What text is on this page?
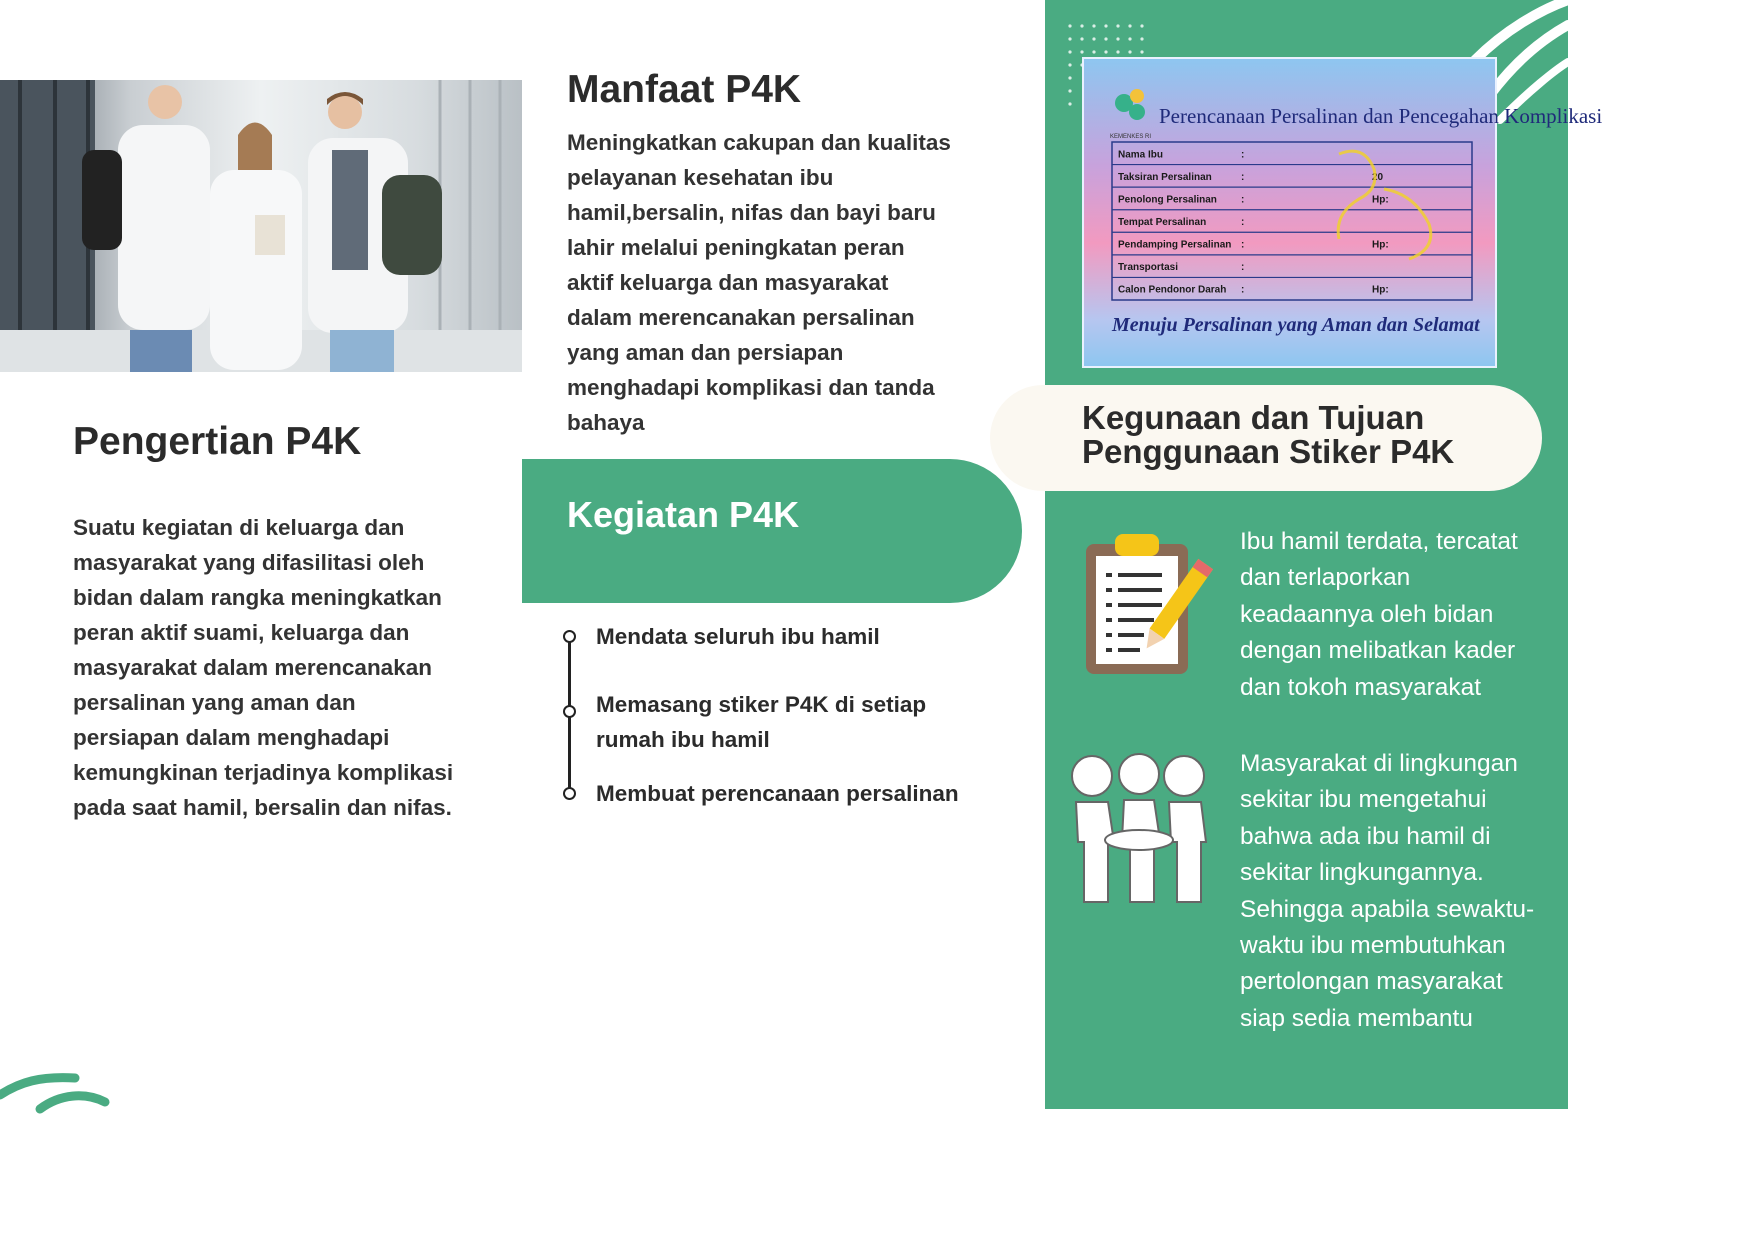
Pengertian P4K

Suatu kegiatan di keluarga dan masyarakat yang difasilitasi oleh bidan dalam rangka meningkatkan peran aktif suami, keluarga dan masyarakat dalam merencanakan persalinan yang aman dan persiapan dalam menghadapi kemungkinan terjadinya komplikasi pada saat hamil, bersalin dan nifas.

Manfaat P4K

Meningkatkan cakupan dan kualitas pelayanan kesehatan ibu hamil,bersalin, nifas dan bayi baru lahir melalui peningkatan peran aktif keluarga dan masyarakat dalam merencanakan persalinan yang aman dan persiapan menghadapi komplikasi dan tanda bahaya

Kegiatan P4K

Mendata seluruh ibu hamil

Memasang stiker P4K di setiap rumah ibu hamil

Membuat perencanaan persalinan

Perencanaan Persalinan dan Pencegahan Komplikasi
KEMENKES RI
Nama Ibu	:
Taksiran Persalinan	:	20
Penolong Persalinan :	Hp:
Tempat Persalinan	:
Pendamping Persalinan :	Hp:
Transportasi	:
Calon Pendonor Darah :	Hp:
Menuju Persalinan yang Aman dan Selamat
Kegunaan dan Tujuan
Penggunaan Stiker P4K

Ibu hamil terdata, tercatat dan terlaporkan keadaannya oleh bidan dengan melibatkan kader dan tokoh masyarakat

Masyarakat di lingkungan sekitar ibu mengetahui bahwa ada ibu hamil di sekitar lingkungannya. Sehingga apabila sewaktu-waktu ibu membutuhkan pertolongan masyarakat siap sedia membantu
